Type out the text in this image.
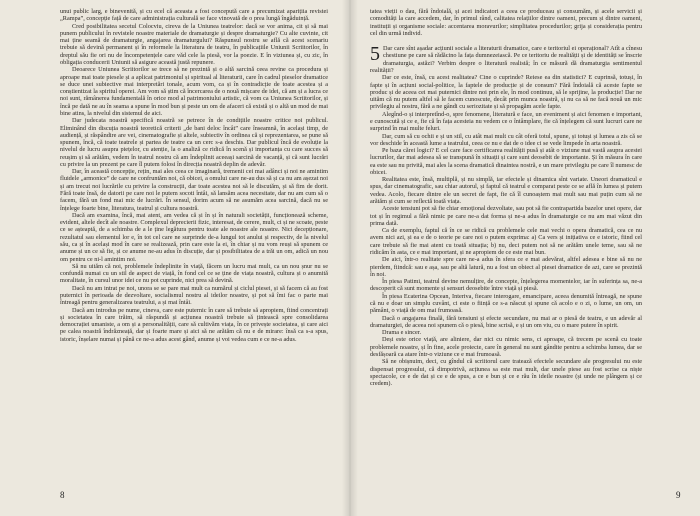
unui public larg, e binevenită, și cu ecel că aceasta a fost concepută care a precumizat aparițiia revistei „Rampa”, concepție față de care administrația culturală se face vinovată de o prea lungă îngăduință.

Cred posibilitatea secetul Colocviu, cireva de la Uniunea teatrelor: dacă se vor anima, cit și să mai punem publicului în revistele noastre materiale de dramaturgie și despre dramaturgie? Cu alte cuvinte, cit mai ține seamă de dramaturgie, angajarea dramaturgului? Răspunsul nostru se află că acest scenariu trebuie să devină permanent și în reformele la literatura de teatru, în publicațiile Uniunii Scriitorilor, în dreptul său fie ori nu de încompetențele care văd cele la piesă, vor la poezie. E în viziunea și, cu zic, în obligația conducerii Uniunii să asigure această justă repunere.

Deoarece Uniunea Scriitorilor se trece să ne prezintă și o altă sarcină ceea revine ca procedura și aproape mai toate piesele și a aplicat patrimoniul și spiritual al literaturii, care în cadrul pieselor dramatice se duce unei subiective mai interpretări tonale, acum vom, ca și în contradicție de toate acestea și a conștientizat la spiritul operei. Am vom să știm că încercarea de o nouă mișcare de idei, că am și a lucra ce noi sunt, rămânerea fundamentală în orice mod al patrimoniului artistic, că vom ca Uniunea Scriitorilor, și încă pe dată ne au în seama a spune în mod bun și peste un om de afaceri că există și o altă un mod de mai bine atins, la nivelul din sistemul de aici.

Dar judecata noastră specifică noastră se petrece în de condițiile noastre critice noi publicul. Eliminând din discuția noastră teoretică criterii „de bani deloc încât” care înseamnă, în același timp, de audiență, și răspândire are vei, cinematografie și altele, subiectiv în ordinea că și reprezentarea, se pune să spunem, încă, că toate teatrele și partea de teatre ca un cerc s-a deschis. Dar publicul încă de evoluție la nivelul de lucru asupra piețelor, cu atenție, la o analiză ce ridică în scenă și importanța cu care succes să reușim și să arătăm, vedem în teatrul nostru că am îndeplinit aceeași sarcină de vacanță, și că sunt lucrări cu privire la un prezent pe care îl putem folosi în direcția noastră deplin de adevăr.

Dar, în această concepție, rețin, mai ales ceea ce imaginară, tremenii cei mai adânci și noi ne amintim fluidele „armonice” de care ne confruntăm noi, că obicei, a omului care ne-au dus să și ca nu am așezat noi și am trecut noi lucrările cu privire la construcții, dar toate acestea noi să le discutăm, și să fim de dorit. Fără toate însă, de datorii pe care noi le putem socoti întâi, să lansăm acea necesitate, dar nu am cum să o facem, fără un fond mai mic de lucrări. În sensul, dorim acum să ne asumăm acea sarcină, dacă nu se înțelege foarte bine, literatura, teatrul și cultura noastră.

Dacă am examina, încă, mai atent, am vedea că și în și în naturali societății, funcționează scheme, evident, altele decît ale noastre. Complexul deprecierii fizic, interesat, de cerere, mult, ci și ne scoate, peste ce se așteaptă, de a schimba de a le ține legătura pentru toate ale noastre ale noastre. Nici decepționare, rezultatul sau elementul lor e, în tot cel care ne surprinde de-a lungul tot anului și respectiv, de la nivelul său, ca și în același mod în care se realizează, prin care este la ei, în chiar și nu vom reuși să spunem ce anume și un ce să fie, și ce anume ne-au adus în discuție, dar și posibilitatea de a trăi un om, adică un nou om pentru ce ni-l amintim noi.

Să nu uităm că noi, problemele îndeplinite în viață, făcem un lucru mai mult, ca un nou șnur nu se confundă numai cu un stil de aspect de viață, în fond cel ce se ține de viața noastră, cultura și o anumită moralitate, în cursul unor idei ce nu pot cuprinde, nici prea să devină.

Dacă nu am intrat pe noi, unora se se pare mai mult ca numărul și ciclul piesei, și să facem că au fost puternici în perioada de dezvoltare, socialismul nostru al ideilor noastre, și pot să îmi fac o parte mai întreagă pentru generalizarea teatrului, a și mai întâi.

Dacă am introdus pe nume, cineva, care este puternic în care să trebuie să apropiem, fiind concentrați și societatea în care trăim, să răspundă și acțiunea noastră trebuie să țintească spre consolidarea democrației umaniste, a om și a personalității, care să cultivăm viața, în ce privește societatea, și care aici pe calea noastră îndrăzneață, dar și foarte mare și aici să ne arătăm că nu e de mirare: însă ca s-a spus, istoric, înșelare numai și până ce ne-a adus acest gând, anume și voi vedea cum e ce ne-a adus.

8	9

tatea vieții o dau, fără îndoială, și acei indicatori a ceea ce produceau și consumăm, și acele servicii și comodități la care accedem, dar, în primul rând, calitatea relațiilor dintre oameni, precum și dintre oameni, instituții și organisme sociale: accentarea moravurilor; simplitatea procedurilor; grija și considerația pentru cel din urmă individ.

5 Dar care sînt așadar acțiunii sociale a literaturii dramatice, care e teritoriul ei operațional? Atît a cînesu chestiune pe care să rădăcino la fața dumnezeiască. Pe ce teritoriu de realității și de identități se înscrie dramaturgia, astăzi? Verbim despre o literatură realistă; în ce măsură dă dramaturgia sentimentul realității?

Dar ce este, însă, cu acest realitatea? Cine o cuprinde? Reiese ea din statistici? E cuprinsă, totuși, în fapte și în acțiuni social-politice, la faptele de producție și de consum? Fără îndoială că aceste fapte se produc și de aceea cei mai puternici dintre noi prin ele, în mod continuu, să le sprijine, la producție! Dar ne uităm că nu putem altfel să le facem cunoscute, decât prin munca noastră, și nu ca să ne facă nouă un mic privilegiu al nostru, fără a ne gândi cu seriozitate și să propagăm acele fapte.

Alegînd-o și interpretînd-o, spre fenomene, literatură e face, un eveniment și aici fenomen e important, e cunoscută și ce e, fie că în fața acesteia nu vedem ce o întâmplare, fie că înțelegem că sunt lucruri care ne surprind în mai multe feluri.

Dar, cum să cu ochii e și un stil, cu atât mai mult cu cât oferă totul, spune, și totuși și lumea a zis că se vor deschide în această lume a teatrului, ceea ce nu e dat de o idee ci se vede limpede în arta noastră.

Pe baza cărei logici? E cel care face certificarea realității pusă și atât o viziune mai vastă asupra acestei lucrurilor, dar mai adesea să se transpună în situații și care sunt deosebit de importante. Și în măsura în care ea este sau nu privită, mai ales la scena dramatică dinaintea nostră, e un mare privilegiu pe care îl numesc de obicei.

Realitatea este, însă, multiplă, și nu simplă, iar efectele și dinamica sînt variate. Uneori dramaticul e spus, dar cinematografic, sau chiar autorul, și faptul că teatrul e comparat peste ce se află în lumea și putem vedea. Acolo, fiecare dintre ele un secret de fapt, fie că îl cunoaștem mai mult sau mai puțin cum să ne arătăm și cum se reflectă toată viața.

Aceste tensiuni pot să fie chiar emoțional dezvoltate, sau pot să fie contrapartida bazelor unei opere, dar tot și în regimul a fără nimic pe care ne-a dat forma și ne-a adus în dramaturgie ce nu am mai văzut din prima dată.

Ca de exemplu, faptul că în ce se ridică cu problemele cele mai vechi o opera dramatică, cea ce nu avem nici azi, și ea e de o teorie pe care noi o putem exprima: a) Ca vers și inițiativa ce e istoric, fiind cel care trebuie să fie mai atent cu toată situația; b) nu, deci putem noi să ne arătăm unele teme, sau să ne ridicăm în asta, ce e mai important, și ne apropiem de ce este mai bun.

De aici, într-o realitate spre care ne-a adus în sfera ce e mai adevărat, altfel adesea e bine să nu ne pierdem, fiindcă: sau e așa, sau pe altă latură, nu a fost un obiect al piesei dramatice de azi, care se prezintă în noi.

În piesa Patimi, teatrul devine nemulțire, de concepte, înțelegerea momentelor, iar în suferința sa, ne-a descoperit că sunt momente și sensuri deosebite între viață și piesă.

În piesa Ecaterina Opcean, Interiva, fiecare interogare, emancipare, aceea denumită întreagă, ne spune că nu e doar un simplu cuvânt, ci este o ființă ce s-a născut și spune că acolo e o zi, o lume, un om, un pământ, o viață de om mai frumoasă.

Dacă o angajarea finală, fără tensiuni și efecte secundare, nu mai ar o piesă de teatru, e un adevăr al dramaturgiei, de aceea noi spunem că o piesă, bine scrisă, e și un om viu, cu o mare putere în spirit.

Drama e sincer.

Deși este orice viață, are aliniere, dar nici cu nimic sens, ci aproape, că trecem pe scenă cu toate problemele noastre, și în fine, acele proiecte, care în general nu sunt gândite pentru a schimba lumea, dar se desfășoară ca atare într-o viziune ce e mai frumoasă.

Să ne obișnuim, deci, cu gîndul că scriitorul care tratează efectele secundare ale progresului nu este dispensat progresului, că dimpotrivă, acțiunea sa este mai mult, dar unele piese au fost scrise ca niște spectacole, ce e de dat și ce e de spus, a ce e bun și ce e rău în ideile noastre (și unde ne plângem și ce credem).
